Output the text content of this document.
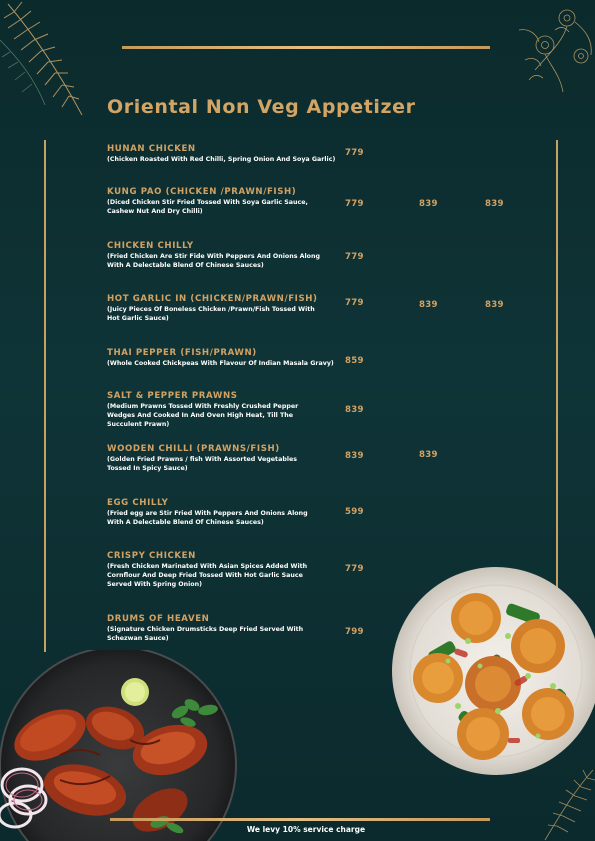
Oriental Non Veg Appetizer
HUNAN CHICKEN
(Chicken Roasted With Red Chilli, Spring Onion And Soya Garlic)
779
KUNG PAO (CHICKEN /PRAWN/FISH)
(Diced Chicken Stir Fried Tossed With Soya Garlic Sauce, Cashew Nut And Dry Chilli)
779	839	839
CHICKEN CHILLY
(Fried Chicken Are Stir Fide With Peppers And Onions Along With A Delectable Blend Of Chinese Sauces)
779
HOT GARLIC IN (CHICKEN/PRAWN/FISH)
(Juicy Pieces Of Boneless Chicken /Prawn/Fish Tossed With Hot Garlic Sauce)
779	839	839
THAI PEPPER (FISH/PRAWN)
(Whole Cooked Chickpeas With Flavour Of Indian Masala Gravy)	859
SALT & PEPPER PRAWNS
(Medium Prawns Tossed With Freshly Crushed Pepper Wedges And Cooked In And Oven High Heat, Till The Succulent Prawn)
839
WOODEN CHILLI (PRAWNS/FISH)
(Golden Fried Prawns / fish With Assorted Vegetables Tossed In Spicy Sauce)
839	839
EGG CHILLY
(Fried egg are Stir Fried With Peppers And Onions Along With A Delectable Blend Of Chinese Sauces)
599
CRISPY CHICKEN
(Fresh Chicken Marinated With Asian Spices Added With Cornflour And Deep Fried Tossed With Hot Garlic Sauce Served With Spring Onion)
779
DRUMS OF HEAVEN
(Signature Chicken Drumsticks Deep Fried Served With Schezwan Sauce)
799
We levy 10% service charge
